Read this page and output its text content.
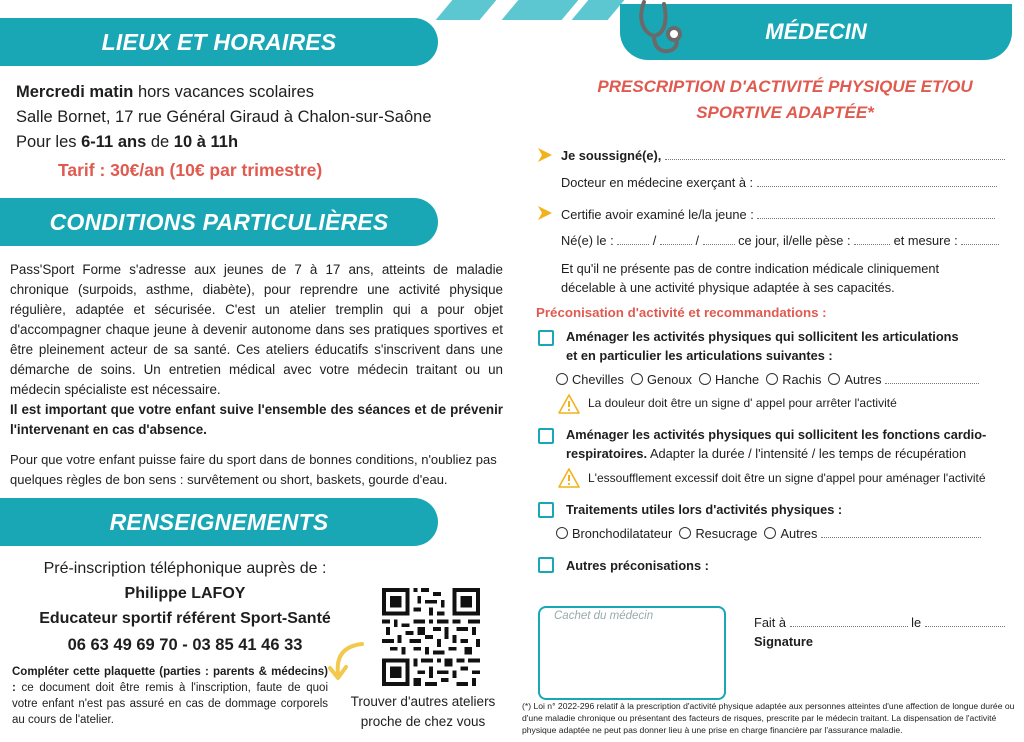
LIEUX ET HORAIRES
Mercredi matin hors vacances scolaires
Salle Bornet, 17 rue Général Giraud à Chalon-sur-Saône
Pour les 6-11 ans de 10 à 11h
Tarif : 30€/an (10€ par trimestre)
CONDITIONS PARTICULIÈRES

Pass'Sport Forme s'adresse aux jeunes de 7 à 17 ans, atteints de maladie chronique (surpoids, asthme, diabète), pour reprendre une activité physique régulière, adaptée et sécurisée. C'est un atelier tremplin qui a pour objet d'accompagner chaque jeune à devenir autonome dans ses pratiques sportives et être pleinement acteur de sa santé. Ces ateliers éducatifs s'inscrivent dans une démarche de soins. Un entretien médical avec votre médecin traitant ou un médecin spécialiste est nécessaire.

Il est important que votre enfant suive l'ensemble des séances et de prévenir l'intervenant en cas d'absence.

Pour que votre enfant puisse faire du sport dans de bonnes conditions, n'oubliez pas quelques règles de bon sens : survêtement ou short, baskets, gourde d'eau.

RENSEIGNEMENTS
Pré-inscription téléphonique auprès de :
Philippe LAFOY
Educateur sportif référent Sport-Santé
06 63 49 69 70 - 03 85 41 46 33
Compléter cette plaquette (parties : parents & médecins) : ce document doit être remis à l'inscription, faute de quoi votre enfant n'est pas assuré en cas de dommage corporels au cours de l'atelier.
Trouver d'autres ateliers proche de chez vous
MÉDECIN
PRESCRIPTION D'ACTIVITÉ PHYSIQUE ET/OU SPORTIVE ADAPTÉE*
Je soussigné(e),
Docteur en médecine exerçant à :
Certifie avoir examiné le/la jeune :
Né(e) le :	/	/	ce jour, il/elle pèse :	et mesure :
Et qu'il ne présente pas de contre indication médicale cliniquement
décelable à une activité physique adaptée à ses capacités.
Préconisation d'activité et recommandations :
Aménager les activités physiques qui sollicitent les articulations
et en particulier les articulations suivantes :
Chevilles Genoux Hanche Rachis Autres
La douleur doit être un signe d' appel pour arrêter l'activité
Aménager les activités physiques qui sollicitent les fonctions cardio-
respiratoires. Adapter la durée / l'intensité / les temps de récupération
L'essoufflement excessif doit être un signe d'appel pour aménager l'activité
Traitements utiles lors d'activités physiques :
Bronchodilatateur Resucrage Autres
Autres préconisations :
Cachet du médecin	Fait à	le
Signature
(*) Loi n° 2022-296 relatif à la prescription d'activité physique adaptée aux personnes atteintes d'une affection de longue durée ou d'une maladie chronique ou présentant des facteurs de risques, prescrite par le médecin traitant. La dispensation de l'activité physique adaptée ne peut pas donner lieu à une prise en charge financière par l'assurance maladie.
